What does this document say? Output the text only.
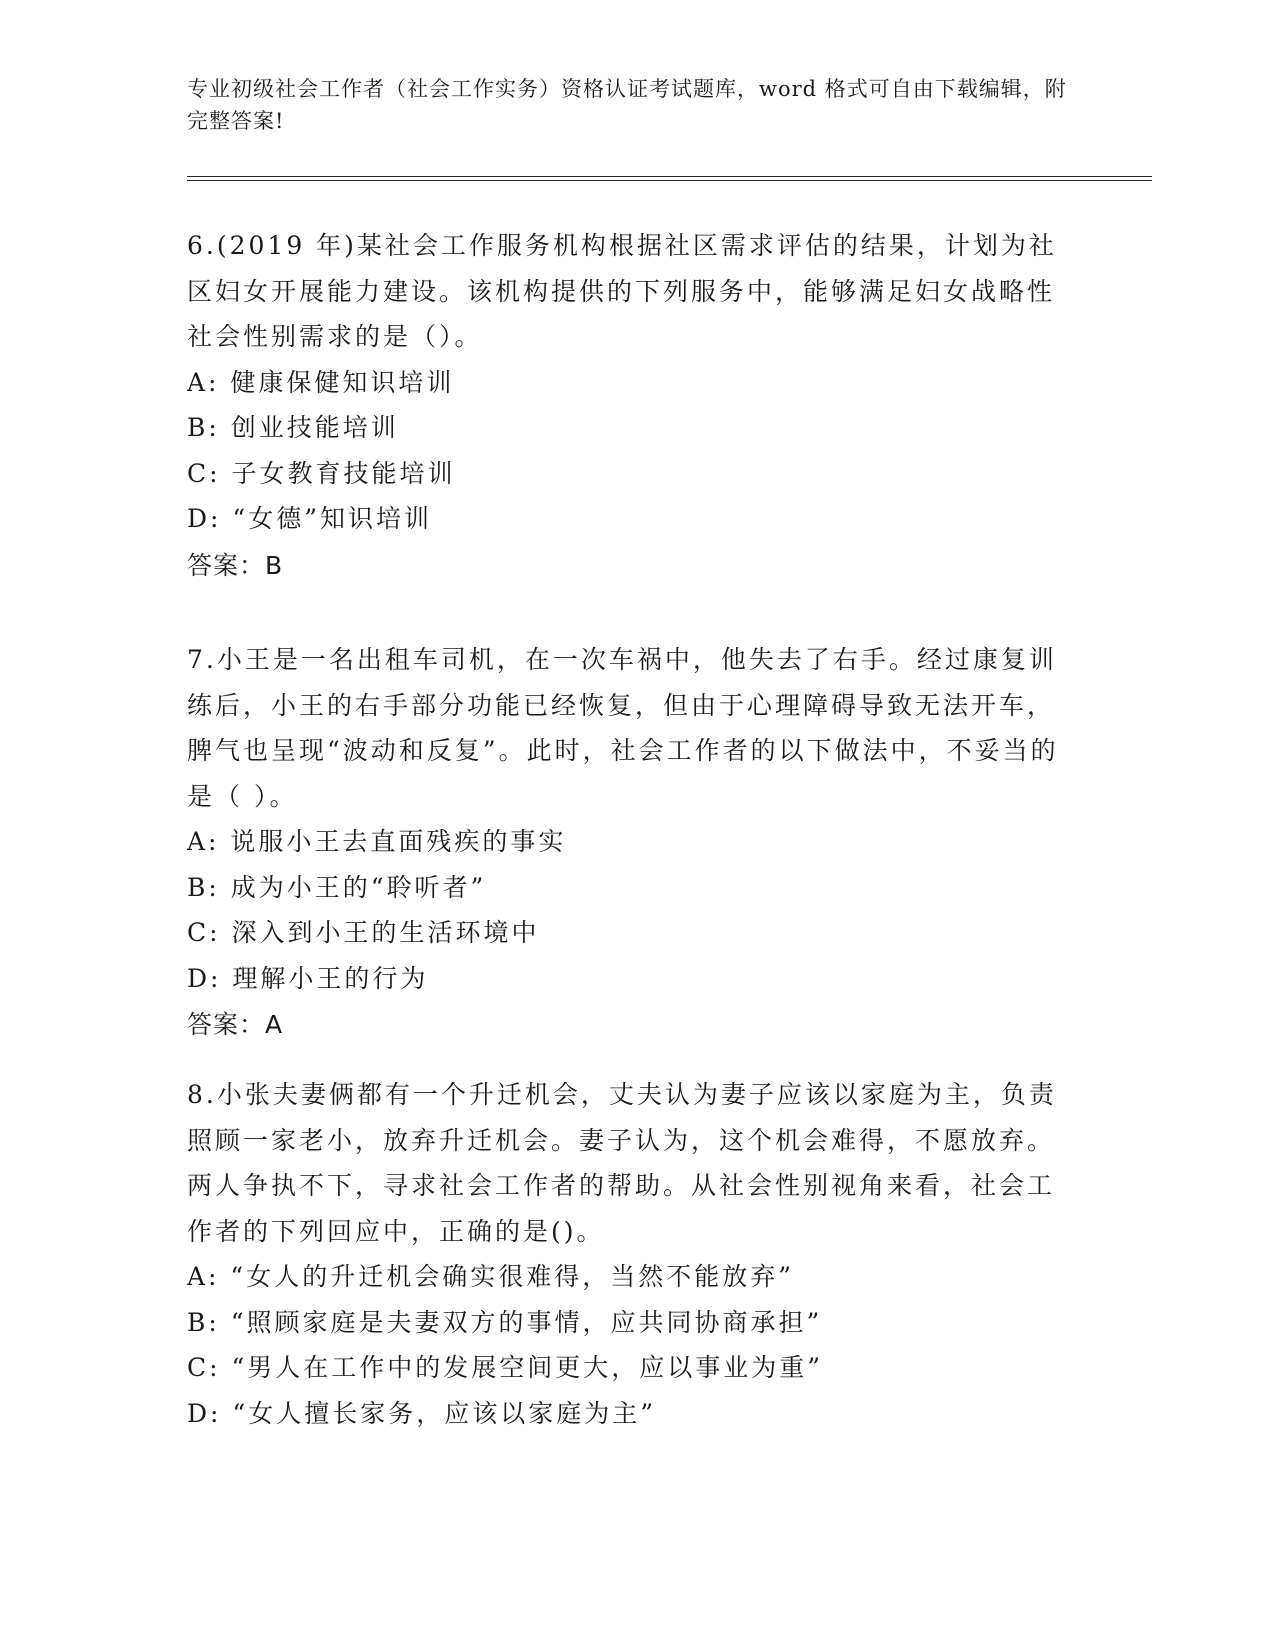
专业初级社会工作者（社会工作实务）资格认证考试题库，word 格式可自由下载编辑，附完整答案!
6.(2019 年)某社会工作服务机构根据社区需求评估的结果，计划为社区妇女开展能力建设。该机构提供的下列服务中，能够满足妇女战略性社会性别需求的是（）。
A: 健康保健知识培训
B: 创业技能培训
C: 子女教育技能培训
D: “女德”知识培训
答案：B
7.小王是一名出租车司机，在一次车祸中，他失去了右手。经过康复训练后，小王的右手部分功能已经恢复，但由于心理障碍导致无法开车，脾气也呈现“波动和反复”。此时，社会工作者的以下做法中，不妥当的是（ ）。
A: 说服小王去直面残疾的事实
B: 成为小王的“聆听者”
C: 深入到小王的生活环境中
D: 理解小王的行为
答案：A
8.小张夫妻俩都有一个升迁机会，丈夫认为妻子应该以家庭为主，负责照顾一家老小，放弃升迁机会。妻子认为，这个机会难得，不愿放弃。两人争执不下，寻求社会工作者的帮助。从社会性别视角来看，社会工作者的下列回应中，正确的是()。
A: “女人的升迁机会确实很难得，当然不能放弃”
B: “照顾家庭是夫妻双方的事情，应共同协商承担”
C: “男人在工作中的发展空间更大，应以事业为重”
D: “女人擅长家务，应该以家庭为主”
